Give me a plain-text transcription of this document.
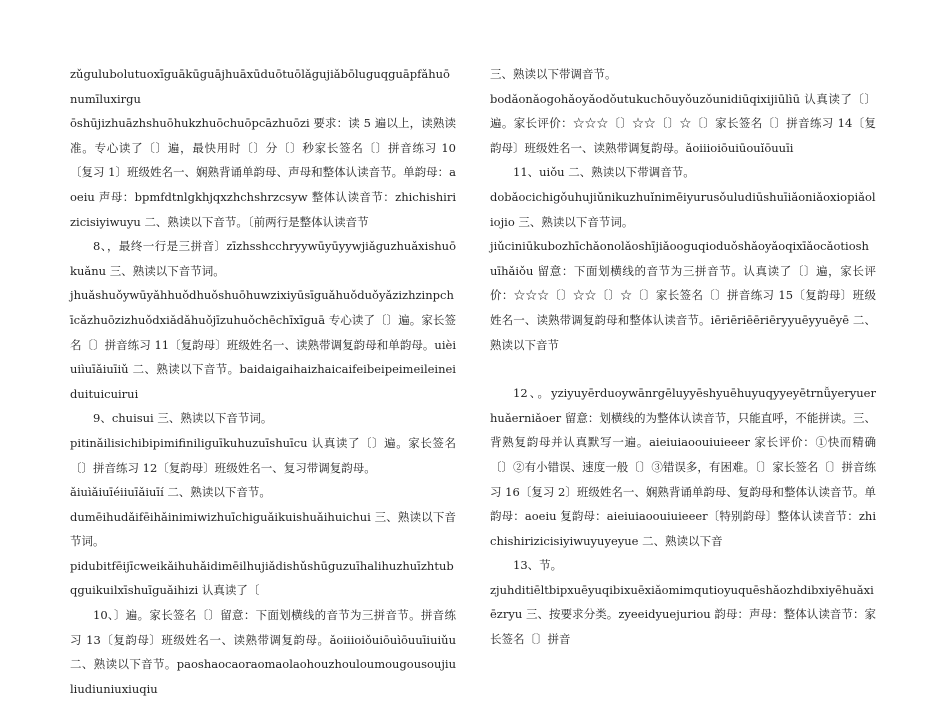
zǔgulubolutuoxīguākūguājhuāxūduōtuōlǎgujiǎbōluguqguāpfǎhuōnumīluxirgu

ōshūjizhuāzhshuōhukzhuōchuōpcāzhuōzi 要求：读 5 遍以上，读熟读准。专心读了〔〕遍，最快用时〔〕分〔〕秒家长签名〔〕拼音练习 10〔复习 1〕班级姓名一、娴熟背诵单韵母、声母和整体认读音节。单韵母：aoeiu 声母：bpmfdtnlgkhjqxzhchshrzcsyw 整体认读音节：zhichishirizicisiyiwuyu 二、熟读以下音节。〔前两行是整体认读音节

8、，最终一行是三拼音〕zīzhsshcchryywūyūyywjiǎguzhuǎxishuōkuǎnu 三、熟读以下音节词。

jhuǎshuǒywūyǎhhuǒdhuǒshuōhuwzixiyūsīguǎhuǒduǒyǎzizhzinpchīcǎzhuōzizhuǒdxiǎdǎhuǒjīzuhuǒchēchīxīguā 专心读了〔〕遍。家长签名〔〕拼音练习 11〔复韵母〕班级姓名一、读熟带调复韵母和单韵母。uièiuiìuīǎiuīiǔ 二、熟读以下音节。baidaigaihaizhaicaifeibeipeimeileineiduituicuirui

9、chuisui 三、熟读以下音节词。

pitinǎilisichibipimifiniliguīkuhuzuīshuīcu 认真读了〔〕遍。家长签名〔〕拼音练习 12〔复韵母〕班级姓名一、复习带调复韵母。

ǎiuìǎiuīéiiuīǎiuīí 二、熟读以下音节。

dumēihudǎifēihǎinimiwizhuīchiguǎikuishuǎihuichui 三、熟读以下音节词。

pidubitfēijīcweikǎihuhǎidimēilhujiǎdishǔshūguzuīhalihuzhuīzhtubqguikuilxīshuīguǎihizi 认真读了〔

10、〕遍。家长签名〔〕留意：下面划横线的音节为三拼音节。拼音练习 13〔复韵母〕班级姓名一、读熟带调复韵母。ǎoiiioiǒuiōuìōuuīiuiǔu 二、熟读以下音节。paoshaocaoraomaolaohouzhouloumougousoujiuliudiuniuxiuqiu

三、熟读以下带调音节。

bodǎonǎogohǎoyǎodǒutukuchōuyǒuzǒunidiūqixijiūlìū 认真读了〔〕遍。家长评价：☆☆☆〔〕☆☆〔〕☆〔〕家长签名〔〕拼音练习 14〔复韵母〕班级姓名一、读熟带调复韵母。ǎoiiioiōuiūouǐōuuīi

11、uiǒu 二、熟读以下带调音节。

dobǎocichigǒuhujiǔnikuzhuǐnimēiyurusǒuludiūshuīiǎoniǎoxiopiǎoliojio 三、熟读以下音节词。

jiǔciniūkubozhīchǎonolǎoshījiǎooguqioduǒshǎoyǎoqixīǎocǎotioshuīhǎiǒu 留意：下面划横线的音节为三拼音节。认真读了〔〕遍，家长评价：☆☆☆〔〕☆☆〔〕☆〔〕家长签名〔〕拼音练习 15〔复韵母〕班级姓名一、读熟带调复韵母和整体认读音节。iēriēriēēriēryyuēyyuēyē 二、熟读以下音节

12、。yziyuyērduoywānrgēluyyēshyuēhuyuqyyeyētrnǚyeryuerhuǎerniǎoer 留意：划横线的为整体认读音节，只能直呼，不能拼读。三、背熟复韵母并认真默写一遍。aieiuiaoouiuieeer 家长评价：①快而精确〔〕②有小错误、速度一般〔〕③错误多，有困难。〔〕家长签名〔〕拼音练习 16〔复习 2〕班级姓名一、娴熟背诵单韵母、复韵母和整体认读音节。单韵母：aoeiu 复韵母：aieiuiaoouiuieeer〔特别韵母〕整体认读音节：zhichishirizicisiyiwuyuyeyue 二、熟读以下音

13、节。

zjuhditiēltbipxuēyuqibixuēxiǎomimqutioyuquēshǎozhdibxiyēhuǎxiēzryu 三、按要求分类。zyeeidyuejuriou 韵母：声母：整体认读音节：家长签名〔〕拼音
